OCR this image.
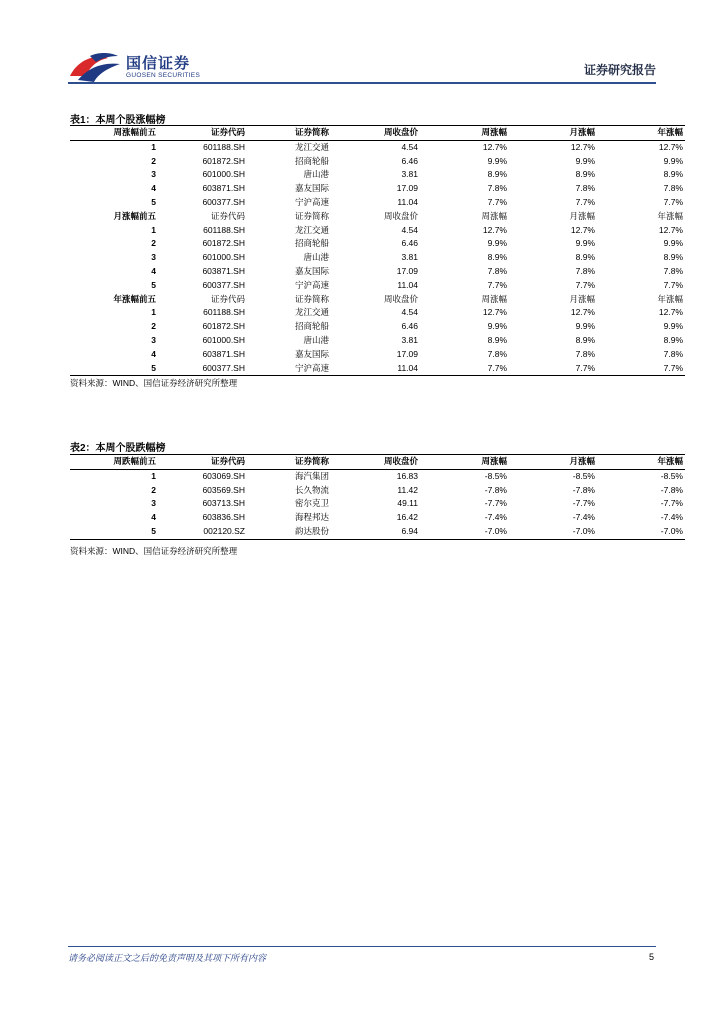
国信证券
GUOSEN SECURITIES	证券研究报告
表1：本周个股涨幅榜
周涨幅前五	证券代码	证券简称	周收盘价	周涨幅	月涨幅	年涨幅
1	601188.SH	龙江交通	4.54	12.7%	12.7%	12.7%
2	601872.SH	招商轮船	6.46	9.9%	9.9%	9.9%
3	601000.SH	唐山港	3.81	8.9%	8.9%	8.9%
4	603871.SH	嘉友国际	17.09	7.8%	7.8%	7.8%
5	600377.SH	宁沪高速	11.04	7.7%	7.7%	7.7%
月涨幅前五	证券代码	证券简称	周收盘价	周涨幅	月涨幅	年涨幅
1	601188.SH	龙江交通	4.54	12.7%	12.7%	12.7%
2	601872.SH	招商轮船	6.46	9.9%	9.9%	9.9%
3	601000.SH	唐山港	3.81	8.9%	8.9%	8.9%
4	603871.SH	嘉友国际	17.09	7.8%	7.8%	7.8%
5	600377.SH	宁沪高速	11.04	7.7%	7.7%	7.7%
年涨幅前五	证券代码	证券简称	周收盘价	周涨幅	月涨幅	年涨幅
1	601188.SH	龙江交通	4.54	12.7%	12.7%	12.7%
2	601872.SH	招商轮船	6.46	9.9%	9.9%	9.9%
3	601000.SH	唐山港	3.81	8.9%	8.9%	8.9%
4	603871.SH	嘉友国际	17.09	7.8%	7.8%	7.8%
5	600377.SH	宁沪高速	11.04	7.7%	7.7%	7.7%
资料来源：WIND、国信证券经济研究所整理
表2：本周个股跌幅榜
周跌幅前五	证券代码	证券简称	周收盘价	周涨幅	月涨幅	年涨幅
1	603069.SH	海汽集团	16.83	-8.5%	-8.5%	-8.5%
2	603569.SH	长久物流	11.42	-7.8%	-7.8%	-7.8%
3	603713.SH	密尔克卫	49.11	-7.7%	-7.7%	-7.7%
4	603836.SH	海程邦达	16.42	-7.4%	-7.4%	-7.4%
5	002120.SZ	韵达股份	6.94	-7.0%	-7.0%	-7.0%
资料来源：WIND、国信证券经济研究所整理
请务必阅读正文之后的免责声明及其项下所有内容	5
